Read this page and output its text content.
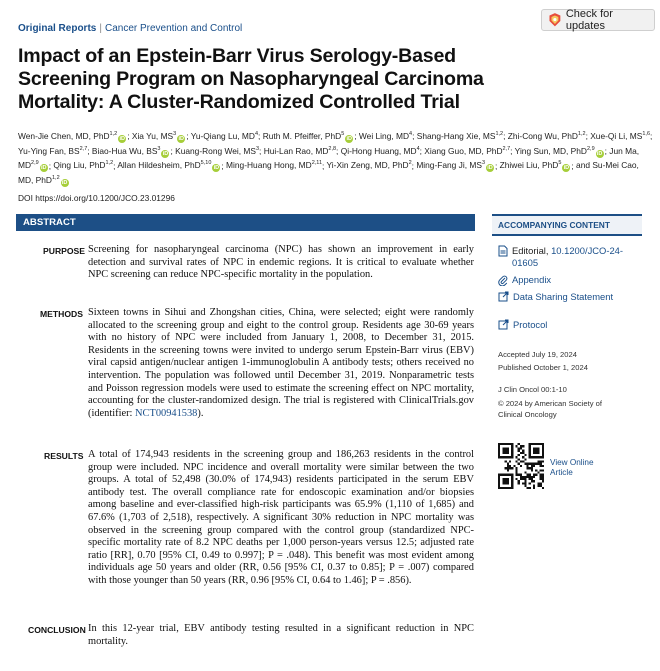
Original Reports | Cancer Prevention and Control
Check for updates
Impact of an Epstein-Barr Virus Serology-Based Screening Program on Nasopharyngeal Carcinoma Mortality: A Cluster-Randomized Controlled Trial
Wen-Jie Chen, MD, PhD$^{1,2}$iD ; Xia Yu, $MS^3iD$ ; Yu-Qiang Lu, $MD^4$; Ruth M. Pfeiffer, PhD$^5$iD ; Wei Ling, $MD^4$; Shang-Hang Xie, MS$^{1,2}$; Zhi-Cong Wu, PhD$^{1,2}$; Xue-Qi Li, MS$^{1,6}$; Yu-Ying Fan, BS$^{2,7}$; Biao-Hua Wu, $BS^3iD$ ; Kuang-Rong Wei, $MS^3$; Hui-Lan Rao, MD$^{2,8}$; Qi-Hong Huang, $MD^4$; Xiang Guo, MD, PhD$^{2,7}$; Ying Sun, MD, PhD$^{2,9}$iD ; Jun Ma, MD$^{2,9}$iD ; Qing Liu, PhD$^{1,2}$; Allan Hildesheim, PhD$^{5,10}$iD ; Ming-Huang Hong, MD$^{2,11}$; Yi-Xin Zeng, MD, PhD$^2$; Ming-Fang Ji, $MS^3iD$ ; Zhiwei Liu, PhD$^5$iD ; and Su-Mei Cao, MD, PhD$^{1,2}$iD
DOI https://doi.org/10.1200/JCO.23.01296
ABSTRACT
PURPOSE Screening for nasopharyngeal carcinoma (NPC) has shown an improvement in early detection and survival rates of NPC in endemic regions. It is critical to evaluate whether NPC screening can reduce NPC-specific mortality in the population.
METHODS Sixteen towns in Sihui and Zhongshan cities, China, were selected; eight were randomly allocated to the screening group and eight to the control group. Residents age 30-69 years with no history of NPC were included from January 1, 2008, to December 31, 2015. Residents in the screening towns were invited to undergo serum Epstein-Barr virus (EBV) viral capsid antigen/nuclear antigen 1-immunoglobulin A antibody tests; others received no intervention. The population was followed until December 31, 2019. Nonparametric tests and Poisson regression models were used to estimate the screening effect on NPC mortality, accounting for the cluster-randomized design. The trial is registered with ClinicalTrials.gov (identifier: NCT00941538).
RESULTS A total of 174,943 residents in the screening group and 186,263 residents in the control group were included. NPC incidence and overall mortality were similar between the two groups. A total of 52,498 (30.0% of 174,943) residents participated in the serum EBV antibody test. The overall compliance rate for endoscopic examination and/or biopsies among baseline and ever-classified high-risk participants was 65.9% (1,110 of 1,685) and 67.6% (1,703 of 2,518), respectively. A significant 30% reduction in NPC mortality was observed in the screening group compared with the control group (standardized NPC-specific mortality rate of 8.2 NPC deaths per 1,000 person-years versus 12.5; adjusted rate ratio [RR], 0.70 [95% CI, 0.49 to 0.997]; P = .048). This benefit was most evident among individuals age 50 years and older (RR, 0.56 [95% CI, 0.37 to 0.85]; P = .007) compared with those younger than 50 years (RR, 0.96 [95% CI, 0.64 to 1.46]; P = .856).
CONCLUSION In this 12-year trial, EBV antibody testing resulted in a significant reduction in NPC mortality.
ACCOMPANYING CONTENT
Editorial, 10.1200/JCO-24-01605
Appendix
Data Sharing Statement
Protocol
Accepted July 19, 2024
Published October 1, 2024
J Clin Oncol 00:1-10
© 2024 by American Society of Clinical Oncology
View Online Article
